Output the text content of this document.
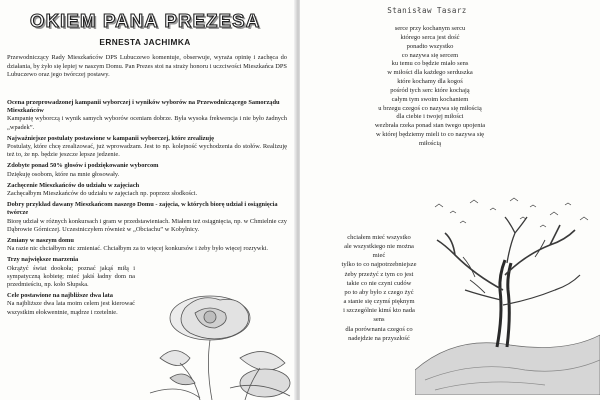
OKIEM PANA PREZESA
ERNESTA JACHIMKA
Przewodniczący Rady Mieszkańców DPS Lubuczewo komentuje, obserwuje, wyraża opinię i zachęca do działania, by żyło się lepiej w naszym Domu. Pan Prezes stoi na straży honoru i uczciwości Mieszkańca DPS Lubuczewo oraz jego twórczej postawy.
Ocena przeprowadzonej kampanii wyborczej i wyników wyborów na Przewodniczącego Samorządu Mieszkańców
Kampanię wyborczą i wynik samych wyborów oceniam dobrze. Była wysoka frekwencja i nie było żadnych „wpadek”.
Najważniejsze postulaty postawione w kampanii wyborczej, które zrealizuję
Postulaty, które chcę zrealizować, już wprowadzam. Jest to np. kolejność wychodzenia do stołów. Realizuję też to, że np. będzie jeszcze lepsze jedzenie.
Zdobyte ponad 50% głosów i podziękowanie wyborcom
Dziękuję osobom, które na mnie głosowały.
Zachęcenie Mieszkańców do udziału w zajęciach
Zachęcałbym Mieszkańców do udziału w zajęciach np. poprzez słodkości.
Dobry przykład dawany Mieszkańcom naszego Domu - zajęcia, w których biorę udział i osiągnięcia twórcze
Biorę udział w różnych konkursach i gram w przedstawieniach. Miałem też osiągnięcia, np. w Chmielnie czy Dąbrowie Górniczej. Uczestniczyłem również w „Obciachu” w Kobylnicy.
Zmiany w naszym domu
Na razie nic chciałbym nic zmieniać. Chciałbym za to więcej konkursów i żeby było więcej rozrywki.
Trzy największe marzenia
Okrążyć świat dookoła; poznać jakąś miłą i sympatyczną kobietę; mieć jakiś ładny dom na przedmieściu, np. koło Słupska.
Cele postawione na najbliższe dwa lata
Na najbliższe dwa lata moim celem jest kierować wszystkim ełokwentnie, mądrze i rzetelnie.
Stanisław Tasarz
serce przy kochanym sercu
którego serca jest dość
ponadto wszystko
co nazywa się sercem
ku temu co będzie miało sens
w miłości dla każdego serduszka
które kochamy dla kogoś
pośród tych serc które kochają
całym tym swoim kochaniem
u brzegu czegoś co nazywa się miłością
dla ciebie i twojej miłości
wezbrała rzeka ponad stan twego upojenia
w której będziemy mieli to co nazywa się
miłością
chciałem mieć wszystko
ale wszystkiego nie można
mieć
tylko to co najpotrzebniejsze
żeby przeżyć z tym co jest
takie co nie czyni cudów
po to aby było z czego żyć
a stanie się czymś pięknym
i szczególnie kimś kto nada
sens
dla porównania czegoś co
nadejdzie na przyszłość
